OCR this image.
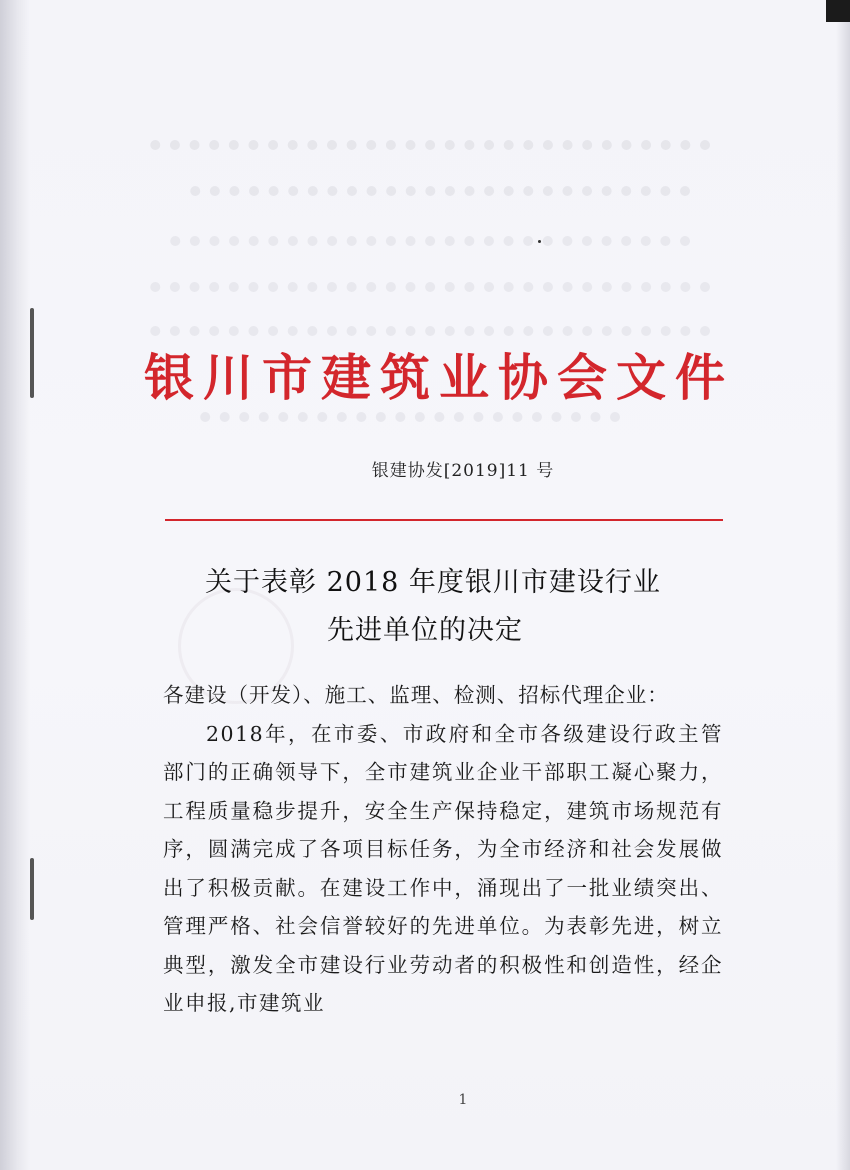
银川市建筑业协会文件
银建协发[2019]11 号
关于表彰 2018 年度银川市建设行业
先进单位的决定

各建设（开发）、施工、监理、检测、招标代理企业：

2018年，在市委、市政府和全市各级建设行政主管部门的正确领导下，全市建筑业企业干部职工凝心聚力，工程质量稳步提升，安全生产保持稳定，建筑市场规范有序，圆满完成了各项目标任务，为全市经济和社会发展做出了积极贡献。在建设工作中，涌现出了一批业绩突出、管理严格、社会信誉较好的先进单位。为表彰先进，树立典型，激发全市建设行业劳动者的积极性和创造性，经企业申报,市建筑业

1
